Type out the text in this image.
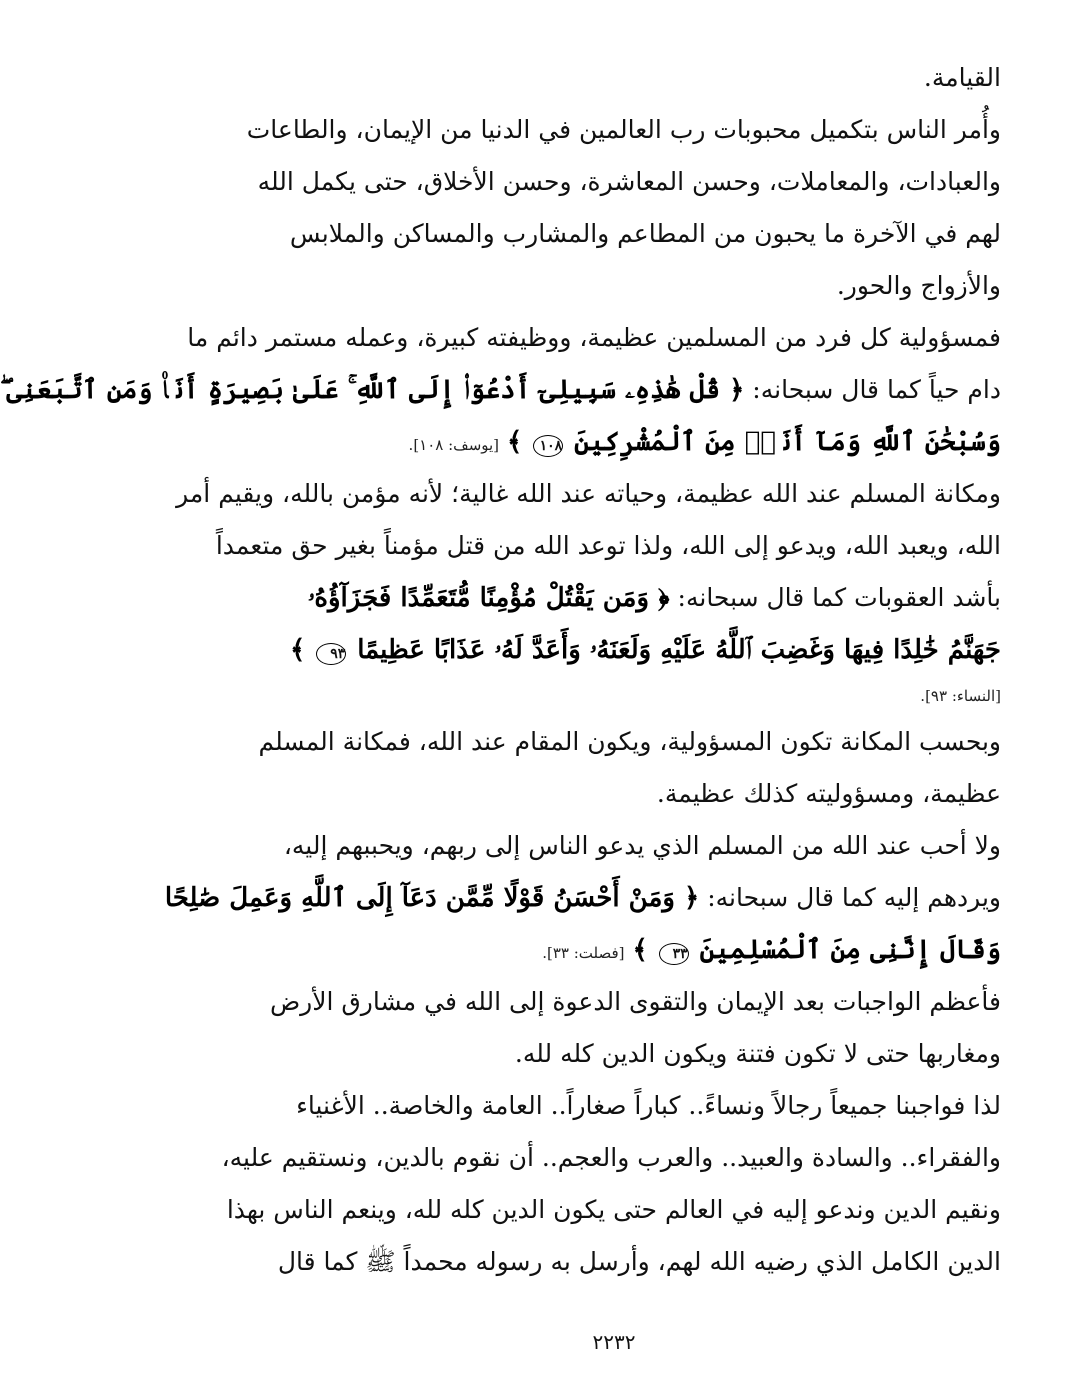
القيامة.
وأُمر الناس بتكميل محبوبات رب العالمين في الدنيا من الإيمان، والطاعات
والعبادات، والمعاملات، وحسن المعاشرة، وحسن الأخلاق، حتى يكمل الله
لهم في الآخرة ما يحبون من المطاعم والمشارب والمساكن والملابس
والأزواج والحور.
فمسؤولية كل فرد من المسلمين عظيمة، ووظيفته كبيرة، وعمله مستمر دائم ما
دام حياً كما قال سبحانه: ﴿ قُلْ هَٰذِهِۦ سَبِيلِىٓ أَدْعُوٓا۟ إِلَى ٱللَّهِ ۚ عَلَىٰ بَصِيرَةٍ أَنَا۠ وَمَنِ ٱتَّبَعَنِى ۖ
وَسُبْحَٰنَ ٱللَّهِ وَمَآ أَنَا۠ مِنَ ٱلْمُشْرِكِينَ ١٠٨ ﴾ [يوسف: ١٠٨].
ومكانة المسلم عند الله عظيمة، وحياته عند الله غالية؛ لأنه مؤمن بالله، ويقيم أمر
الله، ويعبد الله، ويدعو إلى الله، ولذا توعد الله من قتل مؤمناً بغير حق متعمداً
بأشد العقوبات كما قال سبحانه: ﴿ وَمَن يَقْتُلْ مُؤْمِنًا مُّتَعَمِّدًا فَجَزَآؤُهُۥ
جَهَنَّمُ خَٰلِدًا فِيهَا وَغَضِبَ ٱللَّهُ عَلَيْهِ وَلَعَنَهُۥ وَأَعَدَّ لَهُۥ عَذَابًا عَظِيمًا ٩٣ ﴾
[النساء: ٩٣].
وبحسب المكانة تكون المسؤولية، ويكون المقام عند الله، فمكانة المسلم
عظيمة، ومسؤوليته كذلك عظيمة.
ولا أحب عند الله من المسلم الذي يدعو الناس إلى ربهم، ويحببهم إليه،
ويردهم إليه كما قال سبحانه: ﴿ وَمَنْ أَحْسَنُ قَوْلًا مِّمَّن دَعَآ إِلَى ٱللَّهِ وَعَمِلَ صَٰلِحًا
وَقَالَ إِنَّنِى مِنَ ٱلْمُسْلِمِينَ ٣٣ ﴾ [فصلت: ٣٣].
فأعظم الواجبات بعد الإيمان والتقوى الدعوة إلى الله في مشارق الأرض
ومغاربها حتى لا تكون فتنة ويكون الدين كله لله.
لذا فواجبنا جميعاً رجالاً ونساءً.. كباراً صغاراً.. العامة والخاصة.. الأغنياء
والفقراء.. والسادة والعبيد.. والعرب والعجم.. أن نقوم بالدين، ونستقيم عليه،
ونقيم الدين وندعو إليه في العالم حتى يكون الدين كله لله، وينعم الناس بهذا
الدين الكامل الذي رضيه الله لهم، وأرسل به رسوله محمداً ﷺ كما قال
٢٢٣٢
